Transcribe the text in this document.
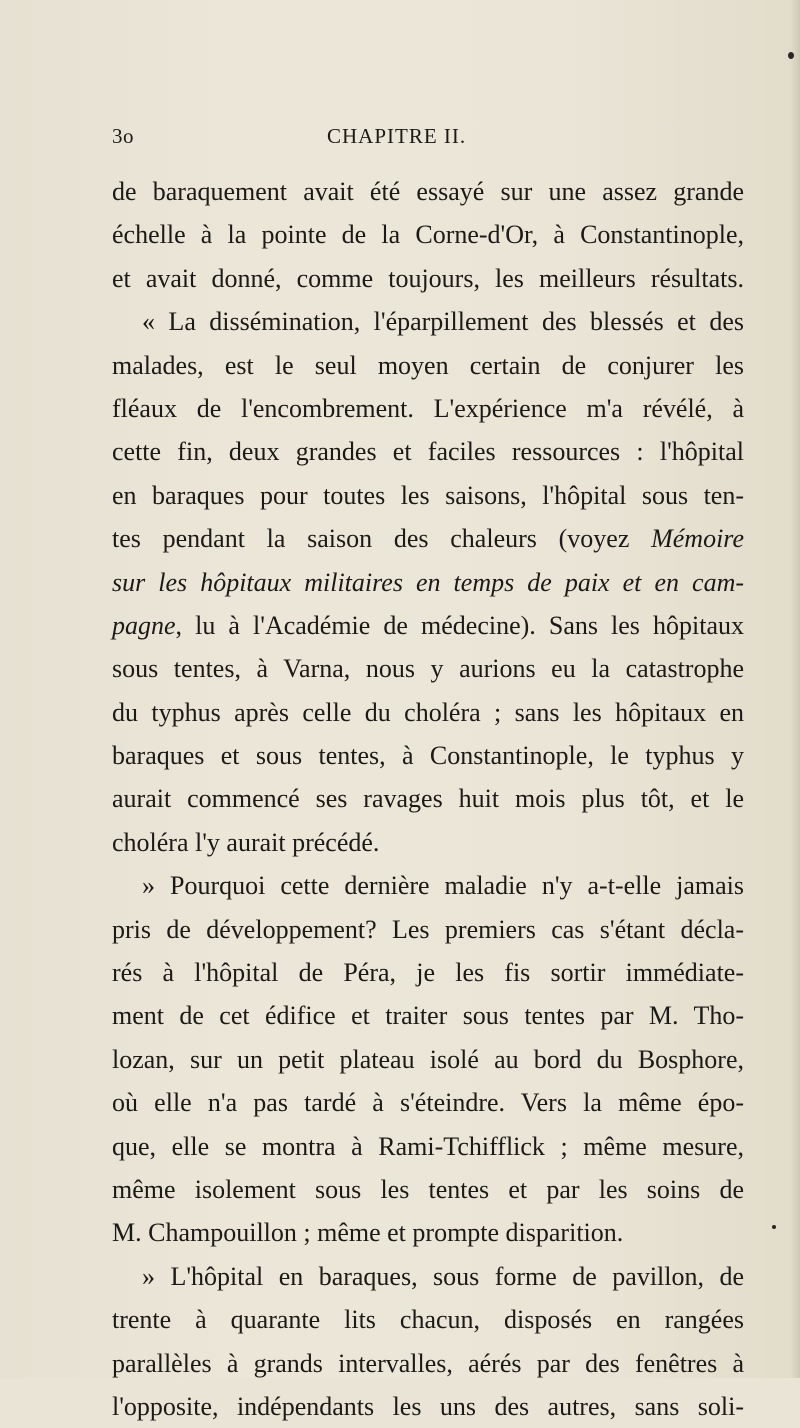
3o	CHAPITRE II.
de baraquement avait été essayé sur une assez grande
échelle à la pointe de la Corne-d'Or, à Constantinople,
et avait donné, comme toujours, les meilleurs résultats.
« La dissémination, l'éparpillement des blessés et des
malades, est le seul moyen certain de conjurer les
fléaux de l'encombrement. L'expérience m'a révélé, à
cette fin, deux grandes et faciles ressources : l'hôpital
en baraques pour toutes les saisons, l'hôpital sous ten-
tes pendant la saison des chaleurs (voyez Mémoire
sur les hôpitaux militaires en temps de paix et en cam-
pagne, lu à l'Académie de médecine). Sans les hôpitaux
sous tentes, à Varna, nous y aurions eu la catastrophe
du typhus après celle du choléra ; sans les hôpitaux en
baraques et sous tentes, à Constantinople, le typhus y
aurait commencé ses ravages huit mois plus tôt, et le
choléra l'y aurait précédé.
» Pourquoi cette dernière maladie n'y a-t-elle jamais
pris de développement? Les premiers cas s'étant décla-
rés à l'hôpital de Péra, je les fis sortir immédiate-
ment de cet édifice et traiter sous tentes par M. Tho-
lozan, sur un petit plateau isolé au bord du Bosphore,
où elle n'a pas tardé à s'éteindre. Vers la même épo-
que, elle se montra à Rami-Tchifflick ; même mesure,
même isolement sous les tentes et par les soins de
M. Champouillon ; même et prompte disparition.
» L'hôpital en baraques, sous forme de pavillon, de
trente à quarante lits chacun, disposés en rangées
parallèles à grands intervalles, aérés par des fenêtres à
l'opposite, indépendants les uns des autres, sans soli-
